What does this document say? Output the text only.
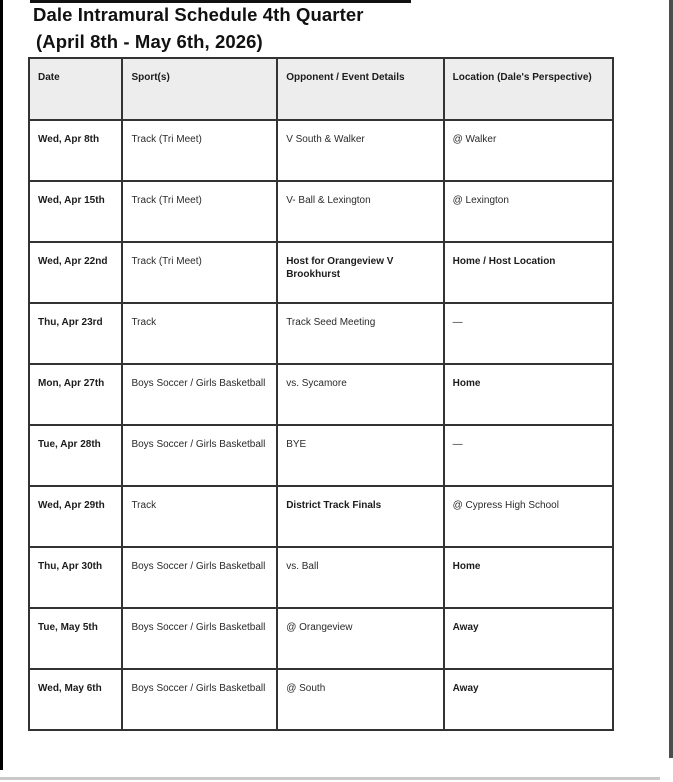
Dale Intramural Schedule 4th Quarter
(April 8th - May 6th, 2026)
Date	Sport(s)	Opponent / Event Details	Location (Dale's Perspective)
Wed, Apr 8th	Track (Tri Meet)	V South & Walker	@ Walker
Wed, Apr 15th	Track (Tri Meet)	V- Ball & Lexington	@ Lexington
Wed, Apr 22nd	Track (Tri Meet)	Host for Orangeview V Brookhurst	Home / Host Location
Thu, Apr 23rd	Track	Track Seed Meeting	—
Mon, Apr 27th	Boys Soccer / Girls Basketball	vs. Sycamore	Home
Tue, Apr 28th	Boys Soccer / Girls Basketball	BYE	—
Wed, Apr 29th	Track	District Track Finals	@ Cypress High School
Thu, Apr 30th	Boys Soccer / Girls Basketball	vs. Ball	Home
Tue, May 5th	Boys Soccer / Girls Basketball	@ Orangeview	Away
Wed, May 6th	Boys Soccer / Girls Basketball	@ South	Away
